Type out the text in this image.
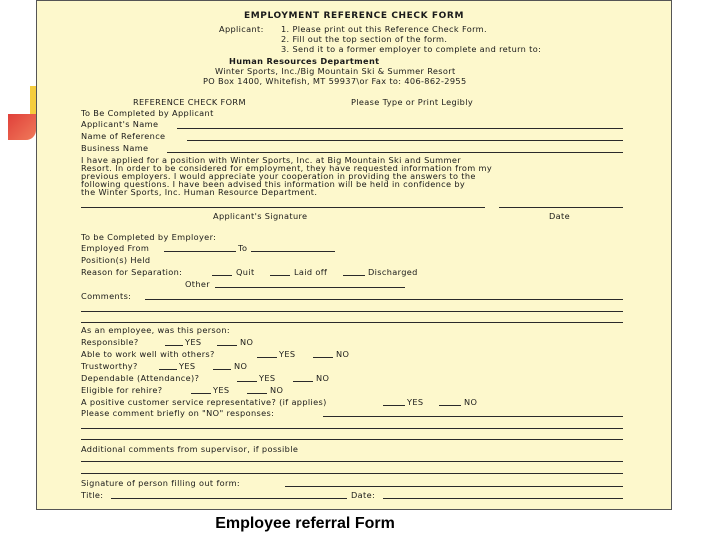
EMPLOYMENT REFERENCE CHECK FORM

Applicant: 1. Please print out this Reference Check Form.

2. Fill out the top section of the form.

3. Send it to a former employer to complete and return to:

Human Resources Department

Winter Sports, Inc./Big Mountain Ski & Summer Resort

PO Box 1400, Whitefish, MT 59937\or Fax to: 406-862-2955

REFERENCE CHECK FORM	Please Type or Print Legibly

To Be Completed by Applicant

Applicant's Name

Name of Reference

Business Name

I have applied for a position with Winter Sports, Inc. at Big Mountain Ski and Summer

Resort. In order to be considered for employment, they have requested information from my

previous employers. I would appreciate your cooperation in providing the answers to the

following questions. I have been advised this information will be held in confidence by

the Winter Sports, Inc. Human Resource Department.

Applicant's Signature	Date

To be Completed by Employer:

Employed From	To

Position(s) Held

Reason for Separation:	Quit	Laid off	Discharged

Other

Comments:

As an employee, was this person:

Responsible?	YES	NO

Able to work well with others?	YES	NO

Trustworthy?	YES	NO

Dependable (Attendance)?	YES	NO

Eligible for rehire?	YES	NO

A positive customer service representative? (if applies)	YES	NO

Please comment briefly on "NO" responses:

Additional comments from supervisor, if possible

Signature of person filling out form:

Title:	Date:

Employee referral Form
